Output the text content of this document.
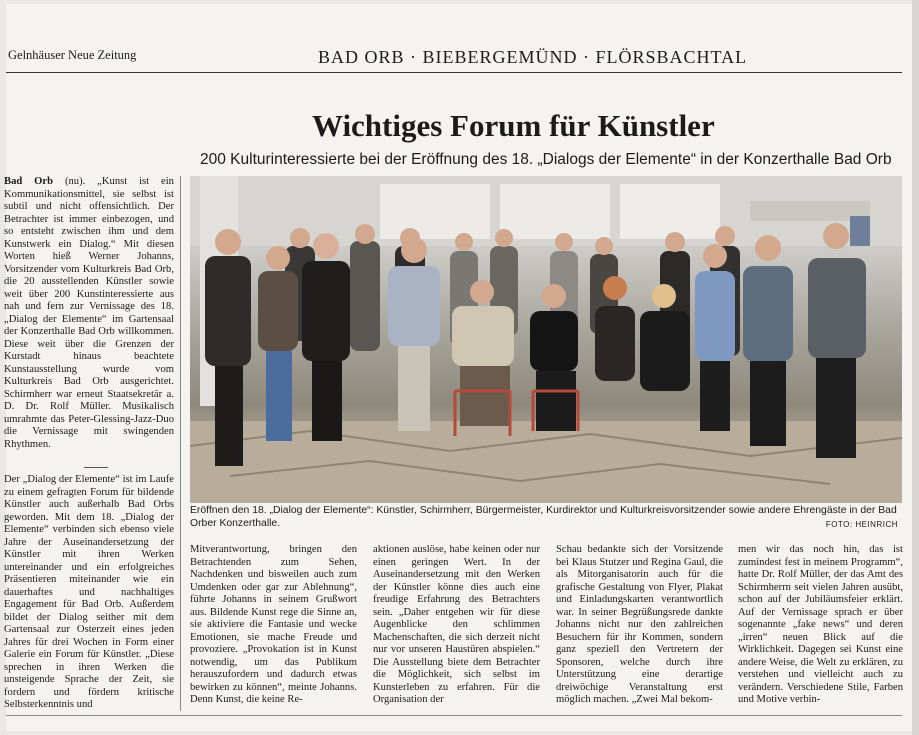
Gelnhäuser Neue Zeitung	BAD ORB · BIEBERGEMÜND · FLÖRSBACHTAL
Wichtiges Forum für Künstler
200 Kulturinteressierte bei der Eröffnung des 18. „Dialogs der Elemente“ in der Konzerthalle Bad Orb

Bad Orb (nu). „Kunst ist ein Kommunikationsmittel, sie selbst ist subtil und nicht offensichtlich. Der Betrachter ist immer einbezogen, und so entsteht zwischen ihm und dem Kunstwerk ein Dialog.“ Mit diesen Worten hieß Werner Johanns, Vorsitzender vom Kulturkreis Bad Orb, die 20 ausstellenden Künstler sowie weit über 200 Kunstinteressierte aus nah und fern zur Vernissage des 18. „Dialog der Elemente“ im Gartensaal der Konzerthalle Bad Orb willkommen. Diese weit über die Grenzen der Kurstadt hinaus beachtete Kunstausstellung wurde vom Kulturkreis Bad Orb ausgerichtet. Schirmherr war erneut Staatsekretär a. D. Dr. Rolf Müller. Musikalisch umrahmte das Peter-Glessing-Jazz-Duo die Vernissage mit swingenden Rhythmen.

Der „Dialog der Elemente“ ist im Laufe zu einem gefragten Forum für bildende Künstler auch außerhalb Bad Orbs geworden. Mit dem 18. „Dialog der Elemente“ verbinden sich ebenso viele Jahre der Auseinandersetzung der Künstler mit ihren Werken untereinander und ein erfolgreiches Präsentieren miteinander wie ein dauerhaftes und nachhaltiges Engagement für Bad Orb. Außerdem bildet der Dialog seither mit dem Gartensaal zur Osterzeit eines jeden Jahres für drei Wochen in Form einer Galerie ein Forum für Künstler. „Diese sprechen in ihren Werken die unsteigende Sprache der Zeit, sie fordern und fördern kritische Selbsterkenntnis und

Eröffnen den 18. „Dialog der Elemente“: Künstler, Schirmherr, Bürgermeister, Kurdirektor und Kulturkreisvorsitzender sowie andere Ehrengäste in der Bad Orber Konzerthalle.	FOTO: HEINRICH

Mitverantwortung, bringen den Betrachtenden zum Sehen, Nachdenken und bisweilen auch zum Umdenken oder gar zur Ablehnung“, führte Johanns in seinem Grußwort aus. Bildende Kunst rege die Sinne an, sie aktiviere die Fantasie und wecke Emotionen, sie mache Freude und provoziere. „Provokation ist in Kunst notwendig, um das Publikum herauszufordern und dadurch etwas bewirken zu können“, meinte Johanns. Denn Kunst, die keine Re-

aktionen auslöse, habe keinen oder nur einen geringen Wert. In der Auseinandersetzung mit den Werken der Künstler könne dies auch eine freudige Erfahrung des Betrachters sein. „Daher entgehen wir für diese Augenblicke den schlimmen Machenschaften, die sich derzeit nicht nur vor unseren Haustüren abspielen.“ Die Ausstellung biete dem Betrachter die Möglichkeit, sich selbst im Kunsterleben zu erfahren. Für die Organisation der

Schau bedankte sich der Vorsitzende bei Klaus Stutzer und Regina Gaul, die als Mitorganisatorin auch für die grafische Gestaltung von Flyer, Plakat und Einladungskarten verantwortlich war. In seiner Begrüßungsrede dankte Johanns nicht nur den zahlreichen Besuchern für ihr Kommen, sondern ganz speziell den Vertretern der Sponsoren, welche durch ihre Unterstützung eine derartige dreiwöchige Veranstaltung erst möglich machen. „Zwei Mal bekom-

men wir das noch hin, das ist zumindest fest in meinem Programm“, hatte Dr. Rolf Müller, der das Amt des Schirmherrn seit vielen Jahren ausübt, schon auf der Jubiläumsfeier erklärt. Auf der Vernissage sprach er über sogenannte „fake news“ und deren „irren“ neuen Blick auf die Wirklichkeit. Dagegen sei Kunst eine andere Weise, die Welt zu erklären, zu verstehen und vielleicht auch zu verändern. Verschiedene Stile, Farben und Motive verbin-
